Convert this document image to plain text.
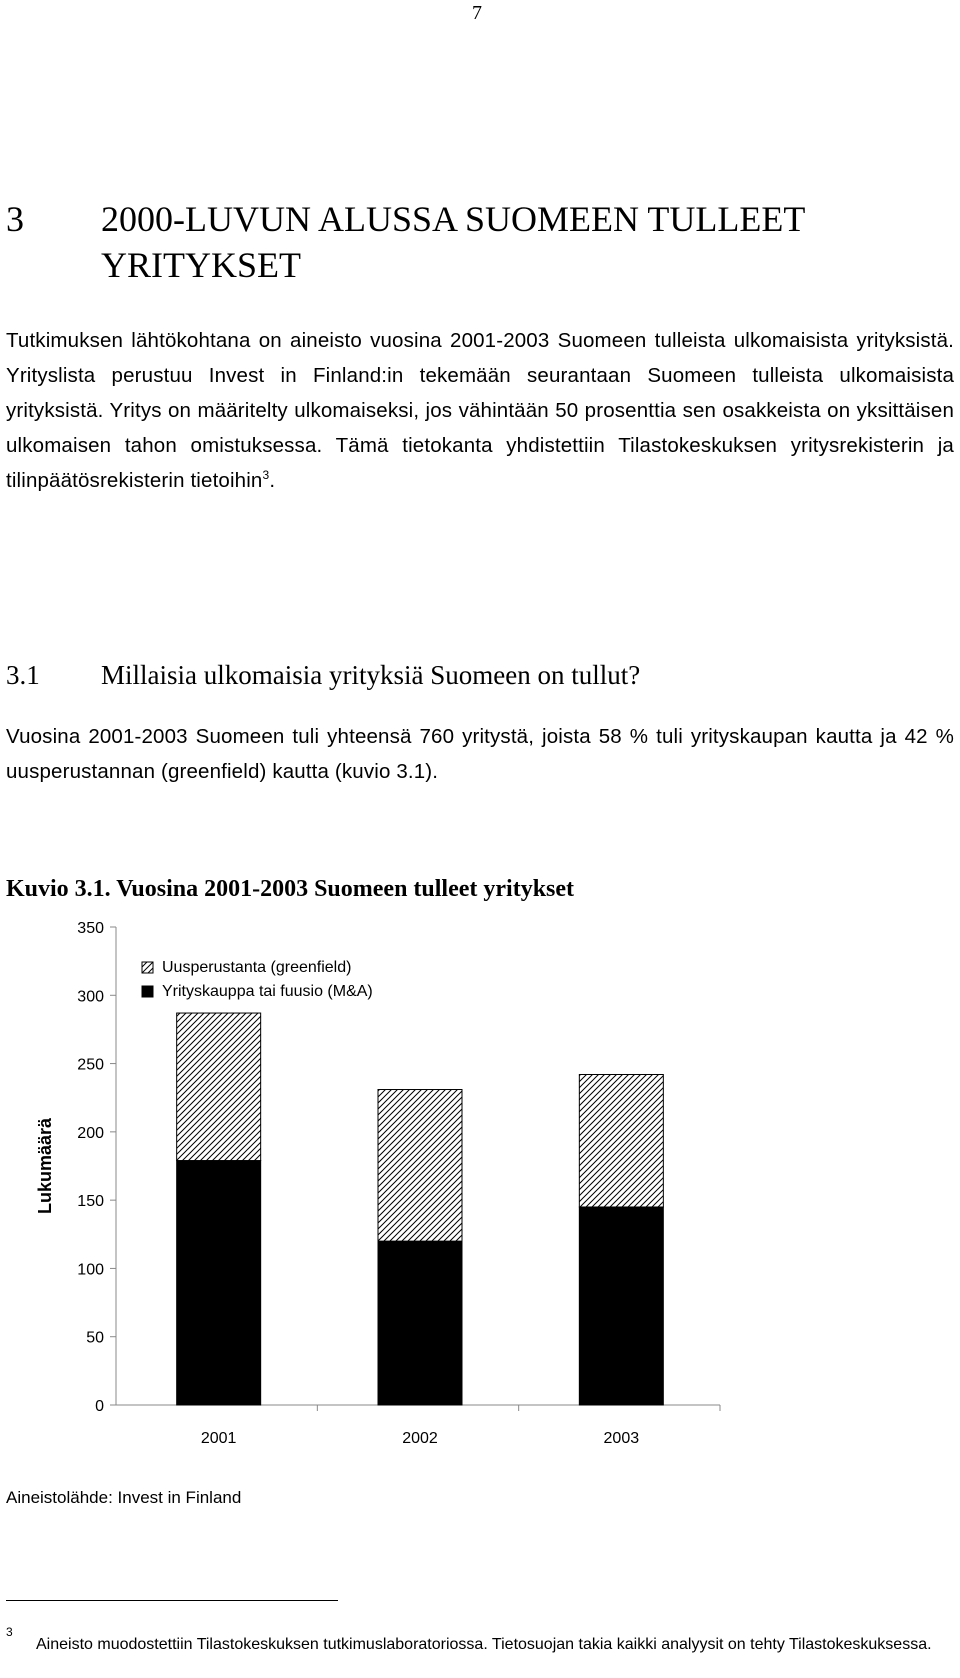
7
3 2000-LUVUN ALUSSA SUOMEEN TULLEET YRITYKSET

Tutkimuksen lähtökohtana on aineisto vuosina 2001-2003 Suomeen tulleista ulkomaisista yrityksistä. Yrityslista perustuu Invest in Finland:in tekemään seurantaan Suomeen tulleista ulkomaisista yrityksistä. Yritys on määritelty ulkomaiseksi, jos vähintään 50 prosenttia sen osakkeista on yksittäisen ulkomaisen tahon omistuksessa. Tämä tietokanta yhdistettiin Tilastokeskuksen yritysrekisterin ja tilinpäätösrekisterin tietoihin$^3$.

3.1 Millaisia ulkomaisia yrityksiä Suomeen on tullut?

Vuosina 2001-2003 Suomeen tuli yhteensä 760 yritystä, joista 58 % tuli yrityskaupan kautta ja 42 % uusperustannan (greenfield) kautta (kuvio 3.1).

Kuvio 3.1. Vuosina 2001-2003 Suomeen tulleet yritykset
0
50
100
150
200
250
300
350
Lukumäärä
2001	2002	2003
Uusperustanta (greenfield)
Yrityskauppa tai fuusio (M&A)
Aineistolähde: Invest in Finland
3
Aineisto muodostettiin Tilastokeskuksen tutkimuslaboratoriossa. Tietosuojan takia kaikki analyysit on tehty Tilastokeskuksessa.
